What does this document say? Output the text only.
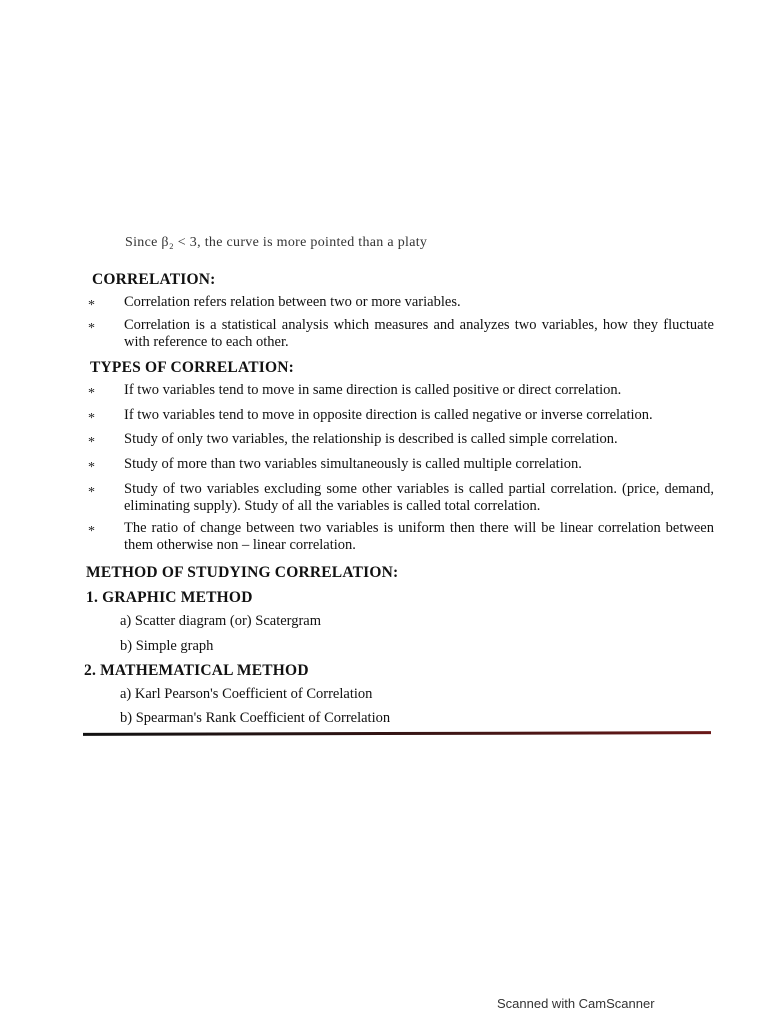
Since β₂ < 3, the curve is more pointed than a platy
CORRELATION:
* Correlation refers relation between two or more variables.
* Correlation is a statistical analysis which measures and analyzes two variables, how they fluctuate with reference to each other.
TYPES OF CORRELATION:
* If two variables tend to move in same direction is called positive or direct correlation.
* If two variables tend to move in opposite direction is called negative or inverse correlation.
* Study of only two variables, the relationship is described is called simple correlation.
* Study of more than two variables simultaneously is called multiple correlation.
* Study of two variables excluding some other variables is called partial correlation. (price, demand, eliminating supply). Study of all the variables is called total correlation.
* The ratio of change between two variables is uniform then there will be linear correlation between them otherwise non – linear correlation.
METHOD OF STUDYING CORRELATION:
1. GRAPHIC METHOD
a) Scatter diagram (or) Scatergram
b) Simple graph
2. MATHEMATICAL METHOD
a) Karl Pearson's Coefficient of Correlation
b) Spearman's Rank Coefficient of Correlation
Scanned with CamScanner
